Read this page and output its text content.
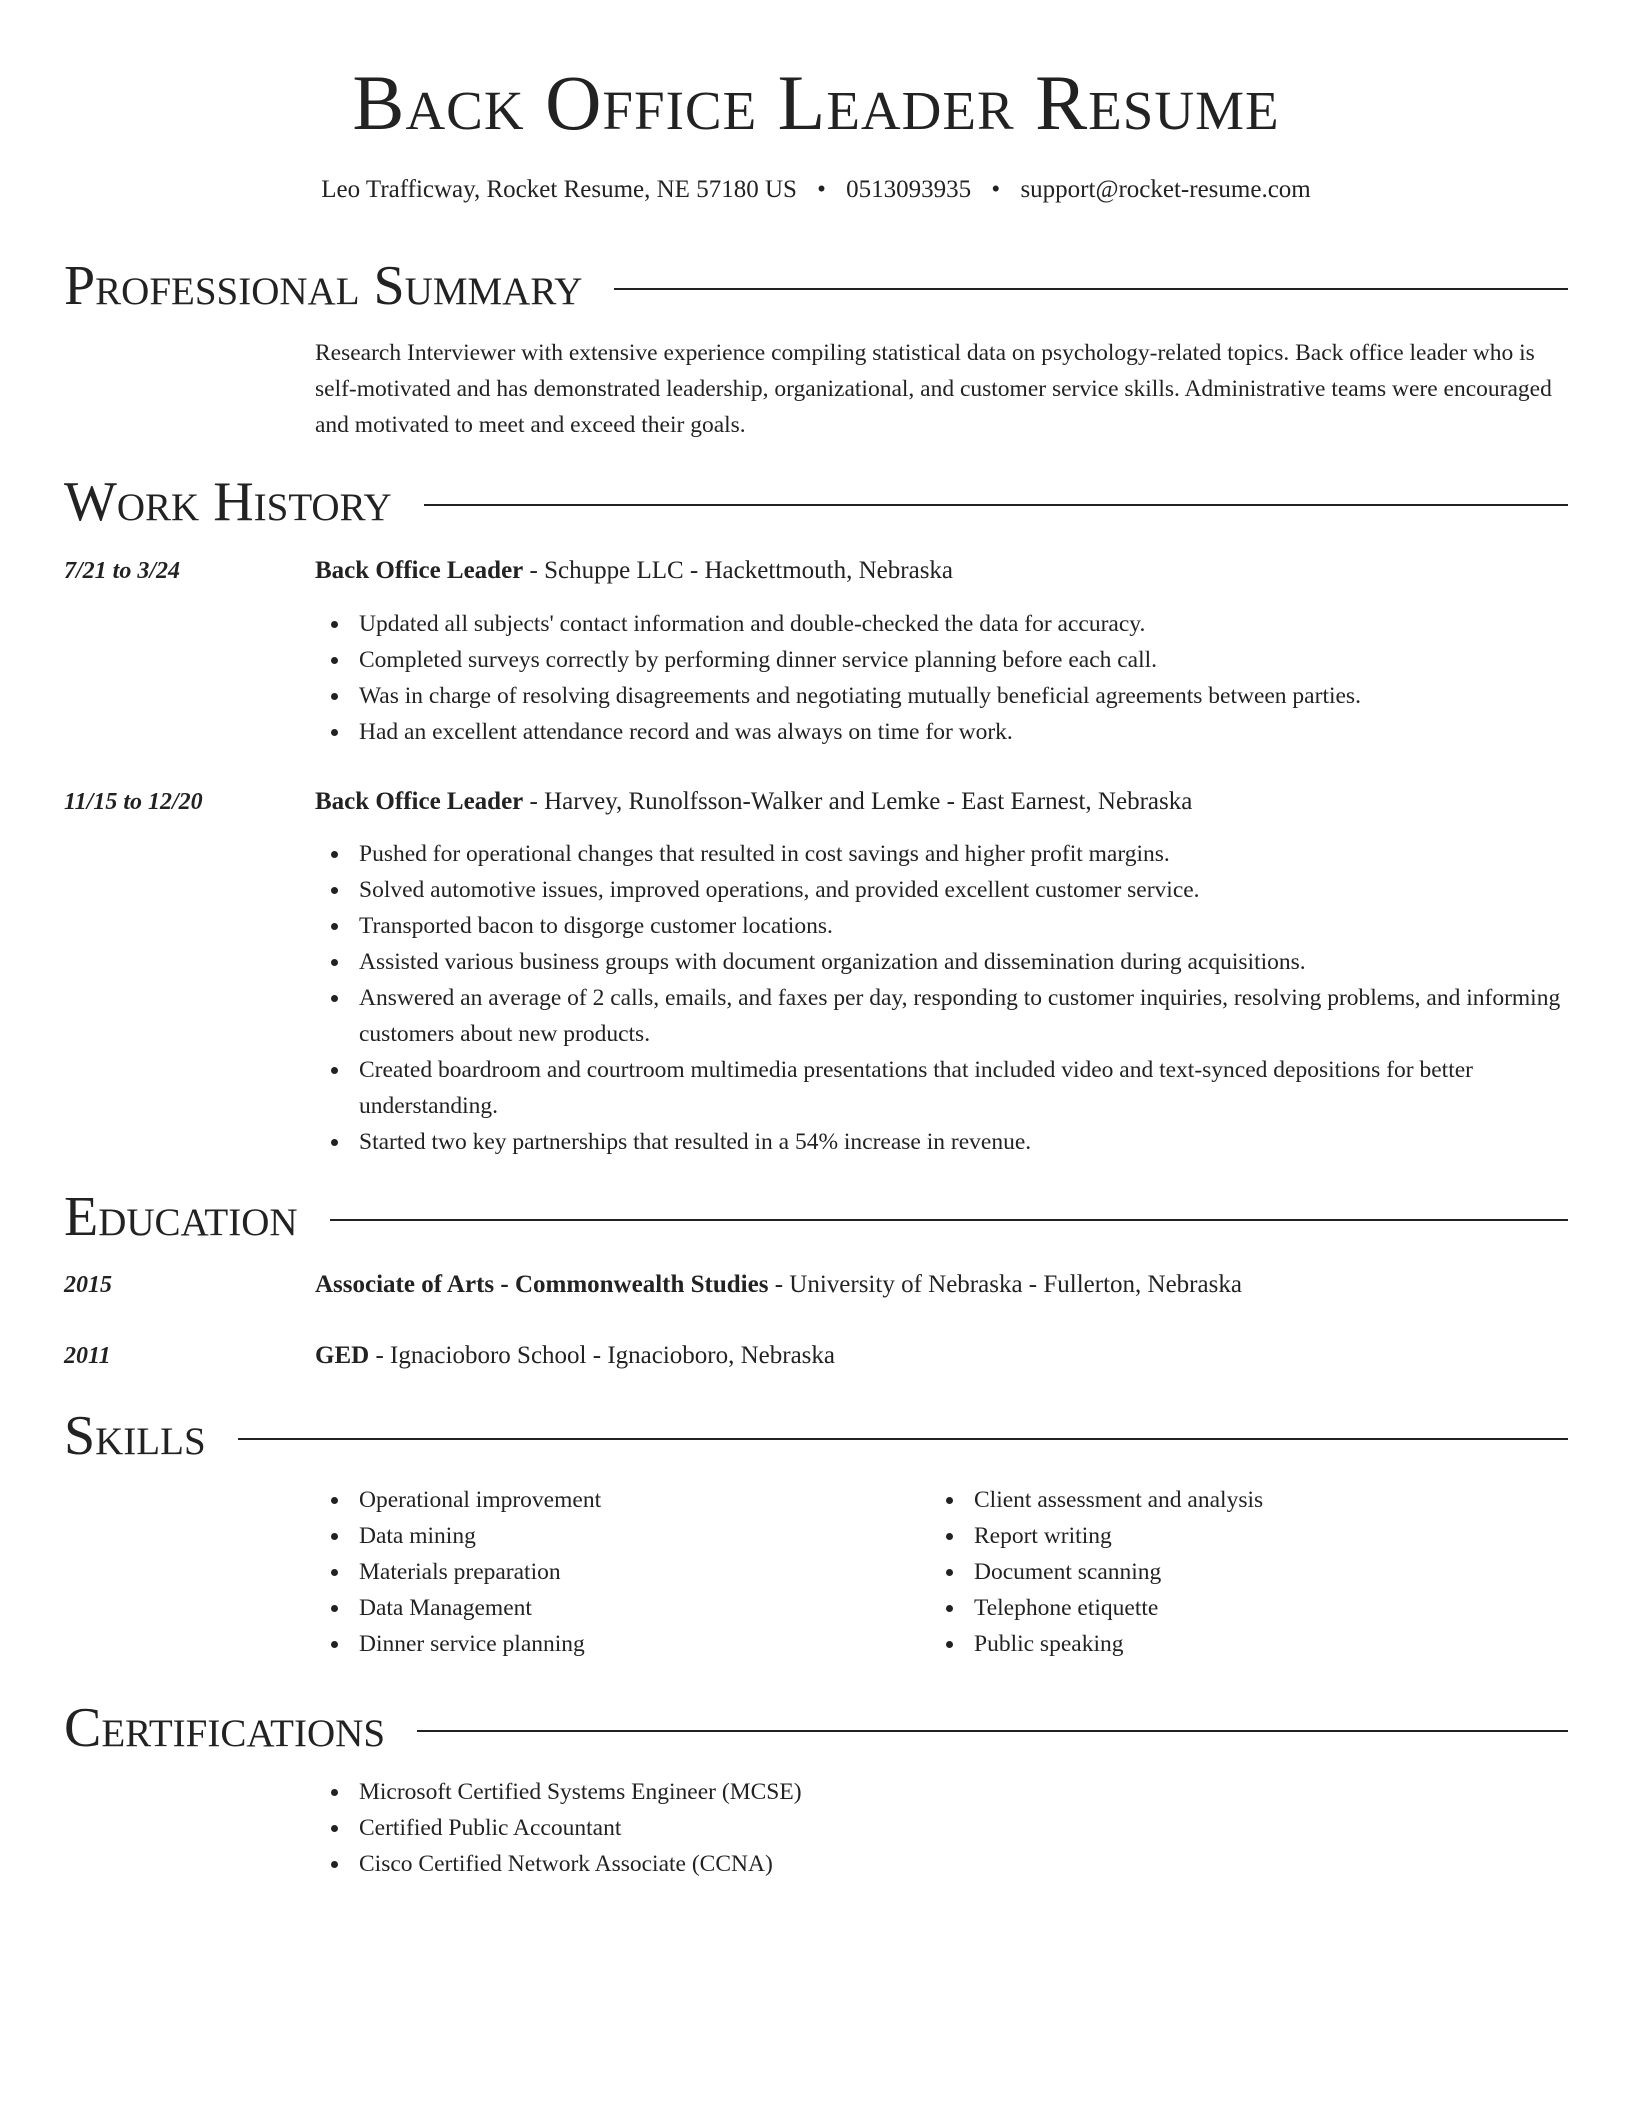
Back Office Leader Resume
Leo Trafficway, Rocket Resume, NE 57180 US • 0513093935 • support@rocket-resume.com
Professional Summary
Research Interviewer with extensive experience compiling statistical data on psychology-related topics. Back office leader who is self-motivated and has demonstrated leadership, organizational, and customer service skills. Administrative teams were encouraged and motivated to meet and exceed their goals.
Work History
7/21 to 3/24	Back Office Leader - Schuppe LLC - Hackettmouth, Nebraska
Updated all subjects' contact information and double-checked the data for accuracy.
Completed surveys correctly by performing dinner service planning before each call.
Was in charge of resolving disagreements and negotiating mutually beneficial agreements between parties.
Had an excellent attendance record and was always on time for work.
11/15 to 12/20	Back Office Leader - Harvey, Runolfsson-Walker and Lemke - East Earnest, Nebraska
Pushed for operational changes that resulted in cost savings and higher profit margins.
Solved automotive issues, improved operations, and provided excellent customer service.
Transported bacon to disgorge customer locations.
Assisted various business groups with document organization and dissemination during acquisitions.
Answered an average of 2 calls, emails, and faxes per day, responding to customer inquiries, resolving problems, and informing customers about new products.
Created boardroom and courtroom multimedia presentations that included video and text-synced depositions for better understanding.
Started two key partnerships that resulted in a 54% increase in revenue.
Education
2015	Associate of Arts - Commonwealth Studies - University of Nebraska - Fullerton, Nebraska
2011	GED - Ignacioboro School - Ignacioboro, Nebraska
Skills
Operational improvement
Data mining
Materials preparation
Data Management
Dinner service planning
Client assessment and analysis
Report writing
Document scanning
Telephone etiquette
Public speaking
Certifications
Microsoft Certified Systems Engineer (MCSE)
Certified Public Accountant
Cisco Certified Network Associate (CCNA)
